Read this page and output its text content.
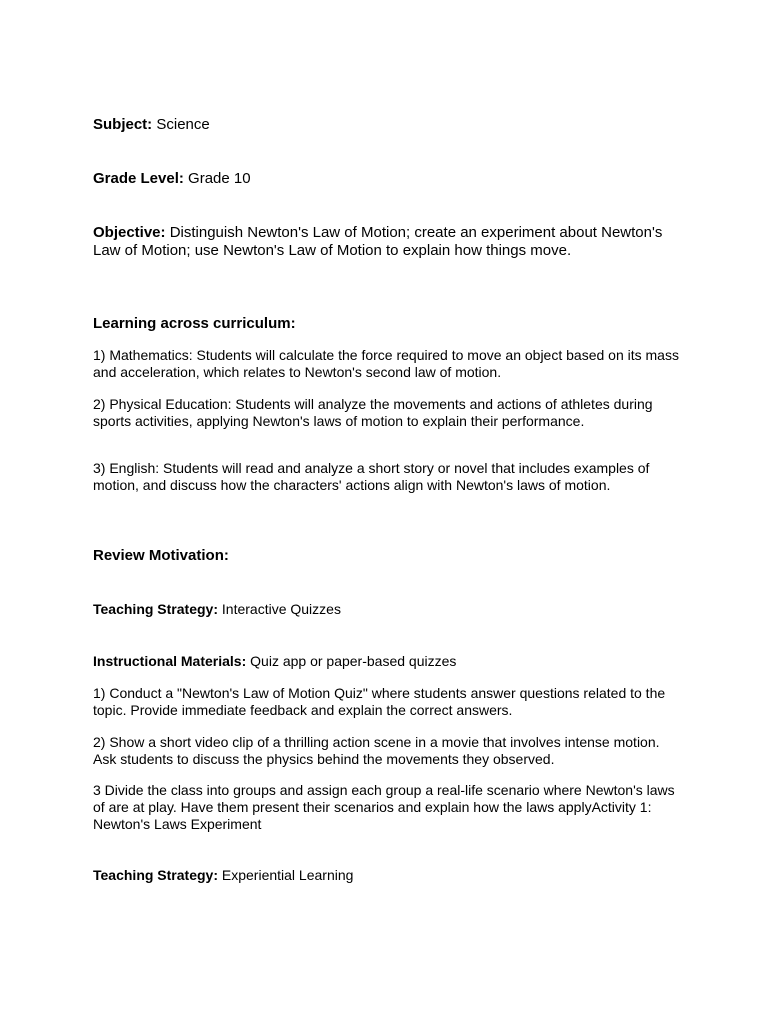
Subject: Science

Grade Level: Grade 10

Objective: Distinguish Newton's Law of Motion; create an experiment about Newton's Law of Motion; use Newton's Law of Motion to explain how things move.

Learning across curriculum:

1) Mathematics: Students will calculate the force required to move an object based on its mass and acceleration, which relates to Newton's second law of motion.

2) Physical Education: Students will analyze the movements and actions of athletes during sports activities, applying Newton's laws of motion to explain their performance.

3) English: Students will read and analyze a short story or novel that includes examples of motion, and discuss how the characters' actions align with Newton's laws of motion.

Review Motivation:

Teaching Strategy: Interactive Quizzes

Instructional Materials: Quiz app or paper-based quizzes

1) Conduct a "Newton's Law of Motion Quiz" where students answer questions related to the topic. Provide immediate feedback and explain the correct answers.

2) Show a short video clip of a thrilling action scene in a movie that involves intense motion. Ask students to discuss the physics behind the movements they observed.

3 Divide the class into groups and assign each group a real-life scenario where Newton's laws of are at play. Have them present their scenarios and explain how the laws applyActivity 1: Newton's Laws Experiment

Teaching Strategy: Experiential Learning
